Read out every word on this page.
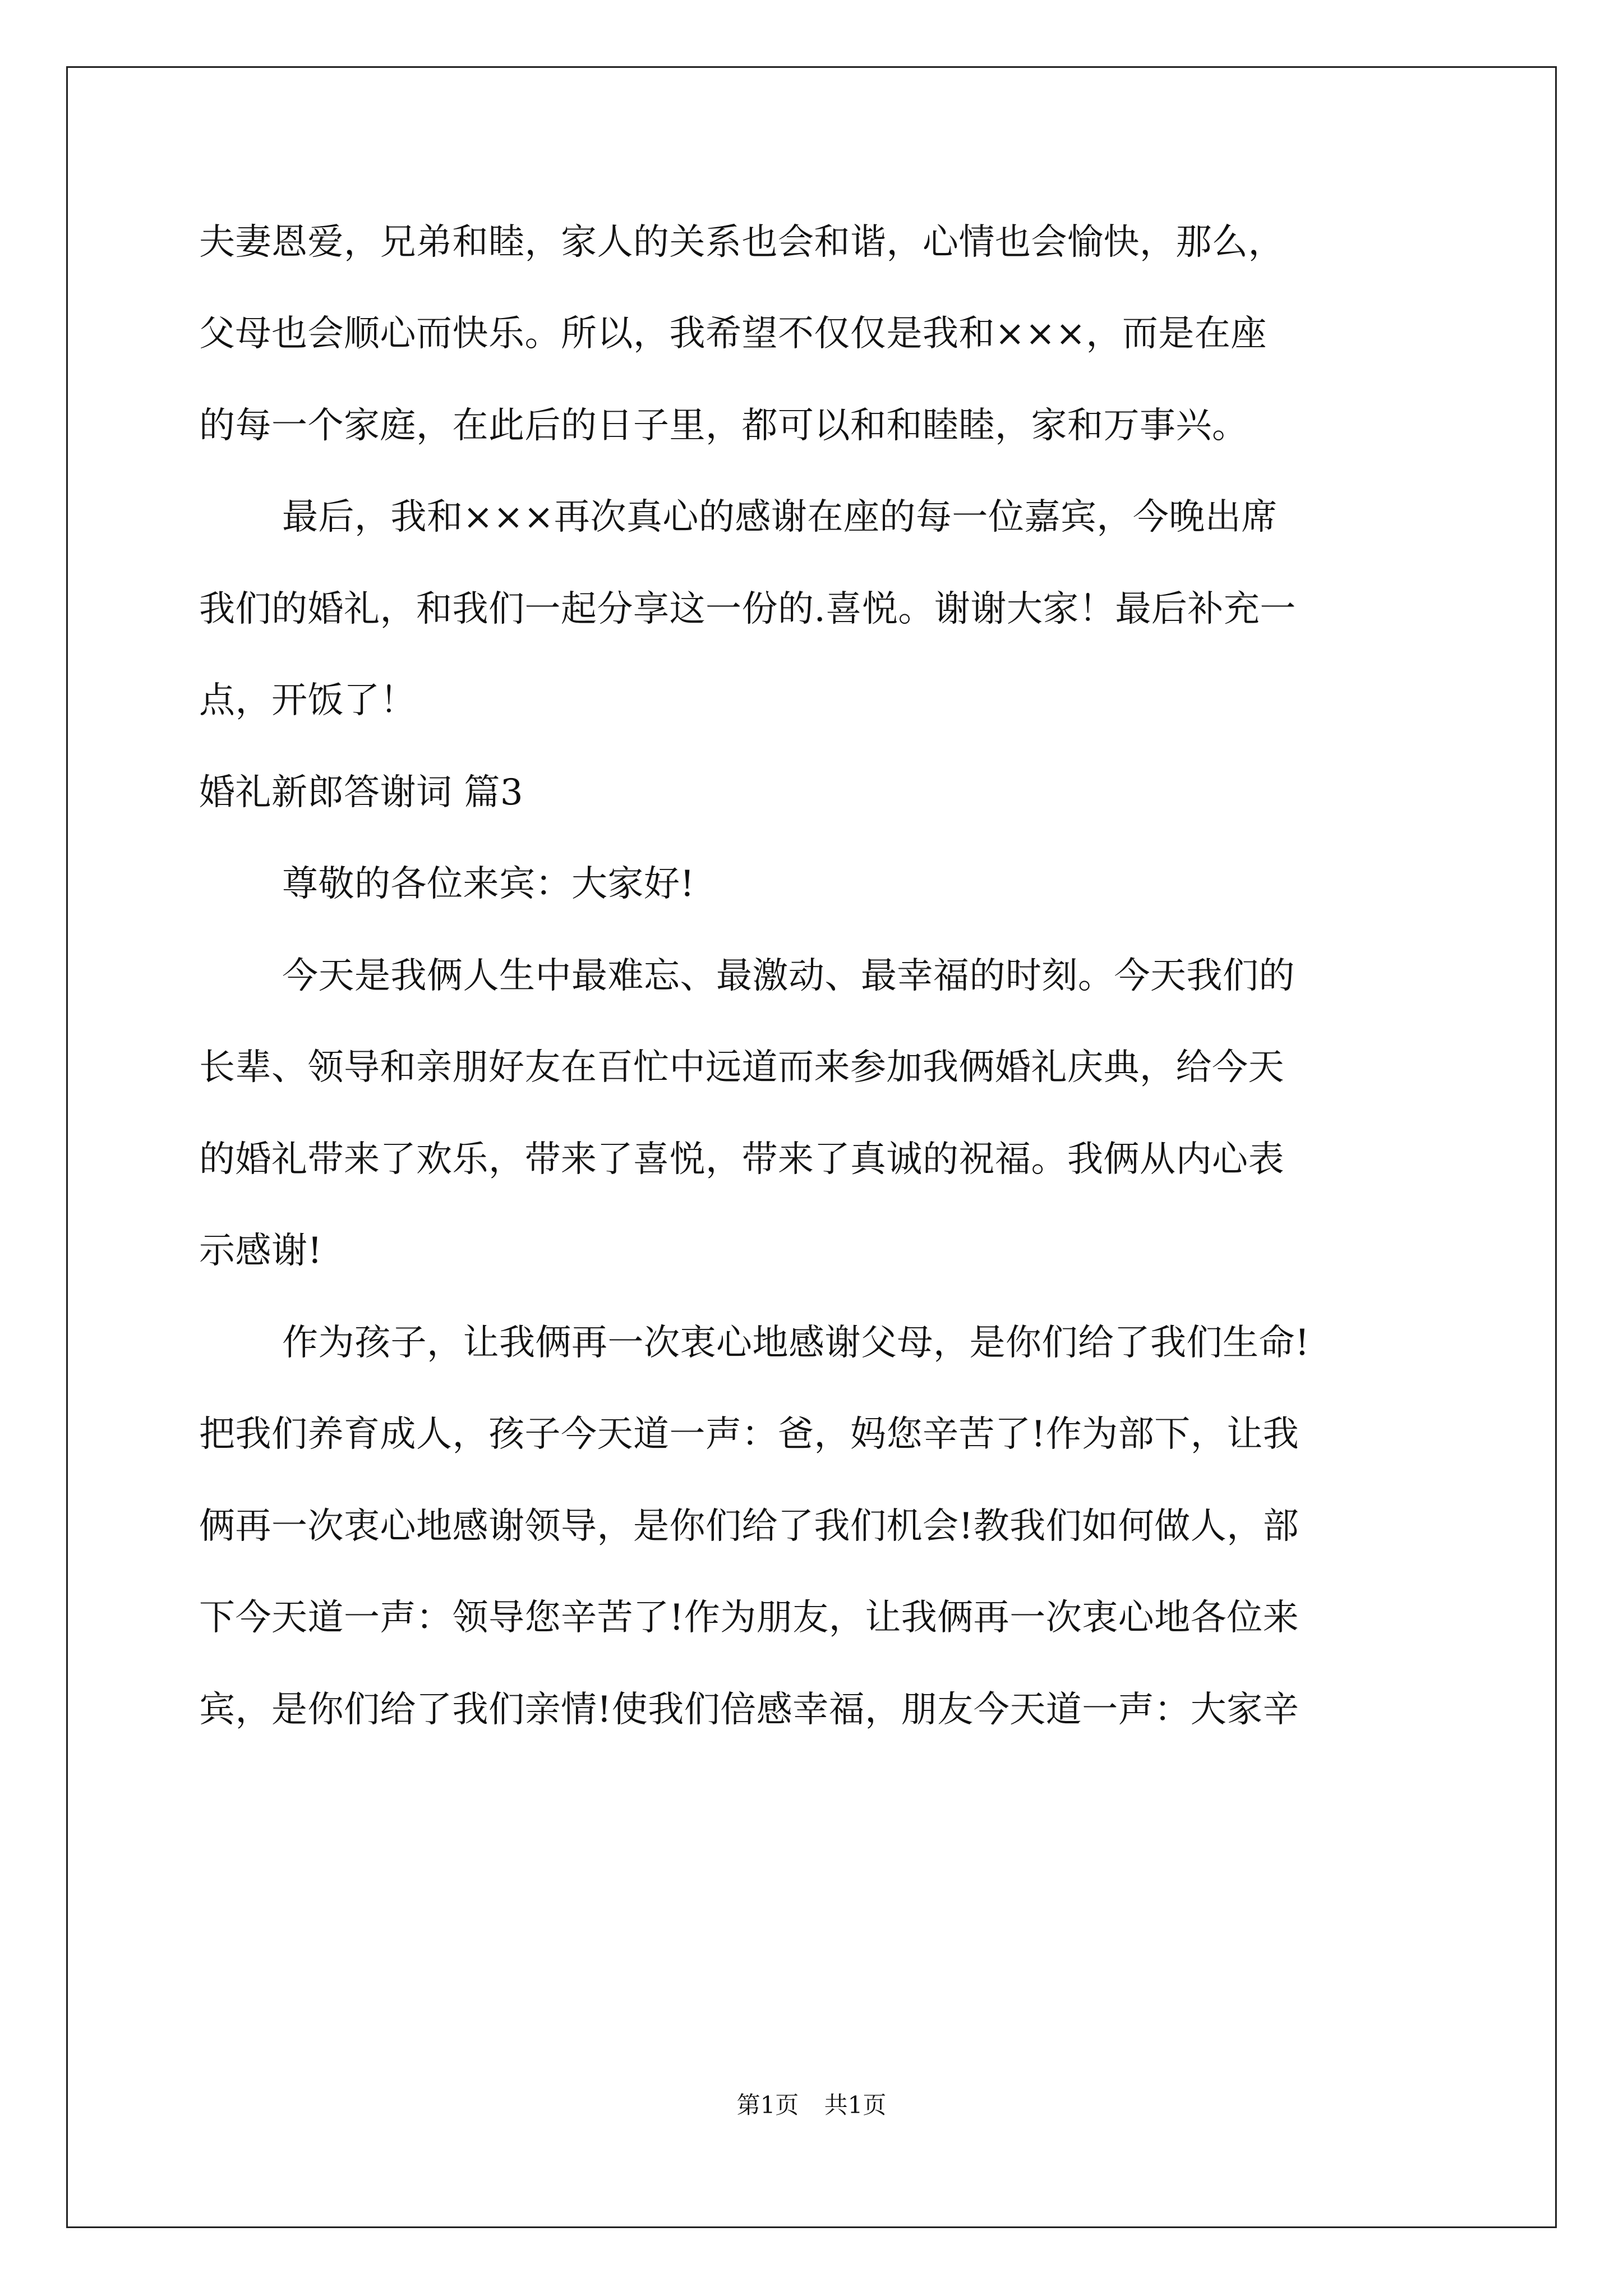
夫妻恩爱，兄弟和睦，家人的关系也会和谐，心情也会愉快，那么，
父母也会顺心而快乐。所以，我希望不仅仅是我和×××，而是在座
的每一个家庭，在此后的日子里，都可以和和睦睦，家和万事兴。
最后，我和×××再次真心的感谢在座的每一位嘉宾，今晚出席
我们的婚礼，和我们一起分享这一份的.喜悦。谢谢大家！最后补充一
点，开饭了！
婚礼新郎答谢词 篇3
尊敬的各位来宾：大家好!
今天是我俩人生中最难忘、最激动、最幸福的时刻。今天我们的
长辈、领导和亲朋好友在百忙中远道而来参加我俩婚礼庆典，给今天
的婚礼带来了欢乐，带来了喜悦，带来了真诚的祝福。我俩从内心表
示感谢!
作为孩子，让我俩再一次衷心地感谢父母，是你们给了我们生命!
把我们养育成人，孩子今天道一声：爸，妈您辛苦了!作为部下，让我
俩再一次衷心地感谢领导，是你们给了我们机会!教我们如何做人，部
下今天道一声：领导您辛苦了!作为朋友，让我俩再一次衷心地各位来
宾，是你们给了我们亲情!使我们倍感幸福，朋友今天道一声：大家辛
第1页 共1页
